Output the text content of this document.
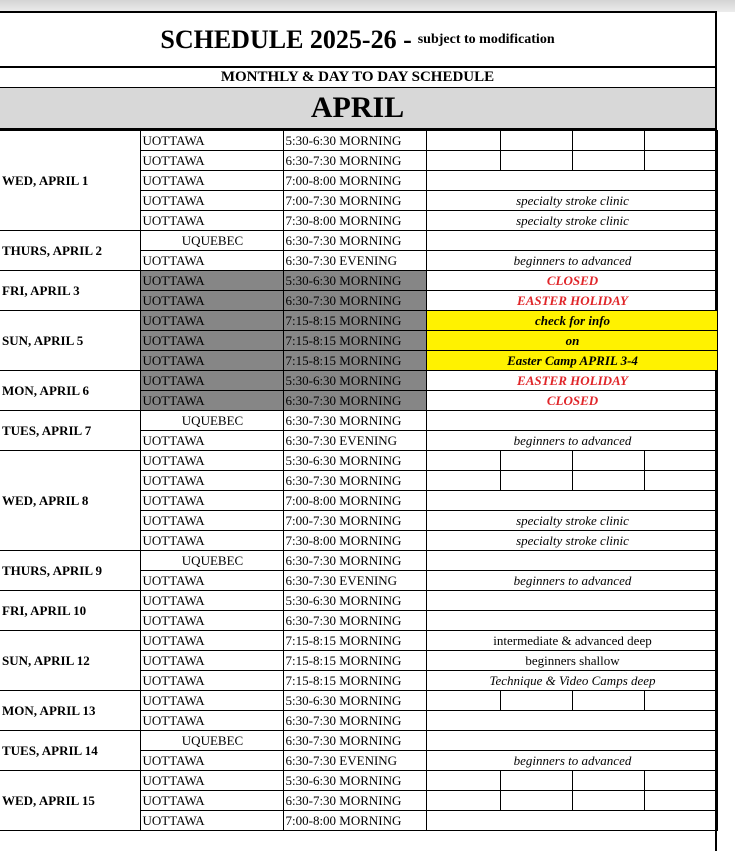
SCHEDULE 2025-26 - subject to modification
MONTHLY & DAY TO DAY SCHEDULE
APRIL
WED, APRIL 1	UOTTAWA	5:30-6:30 MORNING	

	UOTTAWA	6:30-7:30 MORNING	

	UOTTAWA	7:00-8:00 MORNING	
	UOTTAWA	7:00-7:30 MORNING	specialty stroke clinic
	UOTTAWA	7:30-8:00 MORNING	specialty stroke clinic
THURS, APRIL 2	UQUEBEC	6:30-7:30 MORNING	
	UOTTAWA	6:30-7:30 EVENING	beginners to advanced
FRI, APRIL 3	UOTTAWA	5:30-6:30 MORNING	CLOSED
	UOTTAWA	6:30-7:30 MORNING	EASTER HOLIDAY
SUN, APRIL 5	UOTTAWA	7:15-8:15 MORNING	check for info
	UOTTAWA	7:15-8:15 MORNING	on
	UOTTAWA	7:15-8:15 MORNING	Easter Camp APRIL 3-4
MON, APRIL 6	UOTTAWA	5:30-6:30 MORNING	EASTER HOLIDAY
	UOTTAWA	6:30-7:30 MORNING	CLOSED
TUES, APRIL 7	UQUEBEC	6:30-7:30 MORNING	
	UOTTAWA	6:30-7:30 EVENING	beginners to advanced
WED, APRIL 8	UOTTAWA	5:30-6:30 MORNING	

	UOTTAWA	6:30-7:30 MORNING	

	UOTTAWA	7:00-8:00 MORNING	
	UOTTAWA	7:00-7:30 MORNING	specialty stroke clinic
	UOTTAWA	7:30-8:00 MORNING	specialty stroke clinic
THURS, APRIL 9	UQUEBEC	6:30-7:30 MORNING	
	UOTTAWA	6:30-7:30 EVENING	beginners to advanced
FRI, APRIL 10	UOTTAWA	5:30-6:30 MORNING	
	UOTTAWA	6:30-7:30 MORNING	
SUN, APRIL 12	UOTTAWA	7:15-8:15 MORNING	intermediate & advanced deep
	UOTTAWA	7:15-8:15 MORNING	beginners shallow
	UOTTAWA	7:15-8:15 MORNING	Technique & Video Camps deep
MON, APRIL 13	UOTTAWA	5:30-6:30 MORNING	

	UOTTAWA	6:30-7:30 MORNING	
TUES, APRIL 14	UQUEBEC	6:30-7:30 MORNING	
	UOTTAWA	6:30-7:30 EVENING	beginners to advanced
WED, APRIL 15	UOTTAWA	5:30-6:30 MORNING	

	UOTTAWA	6:30-7:30 MORNING	

	UOTTAWA	7:00-8:00 MORNING	
